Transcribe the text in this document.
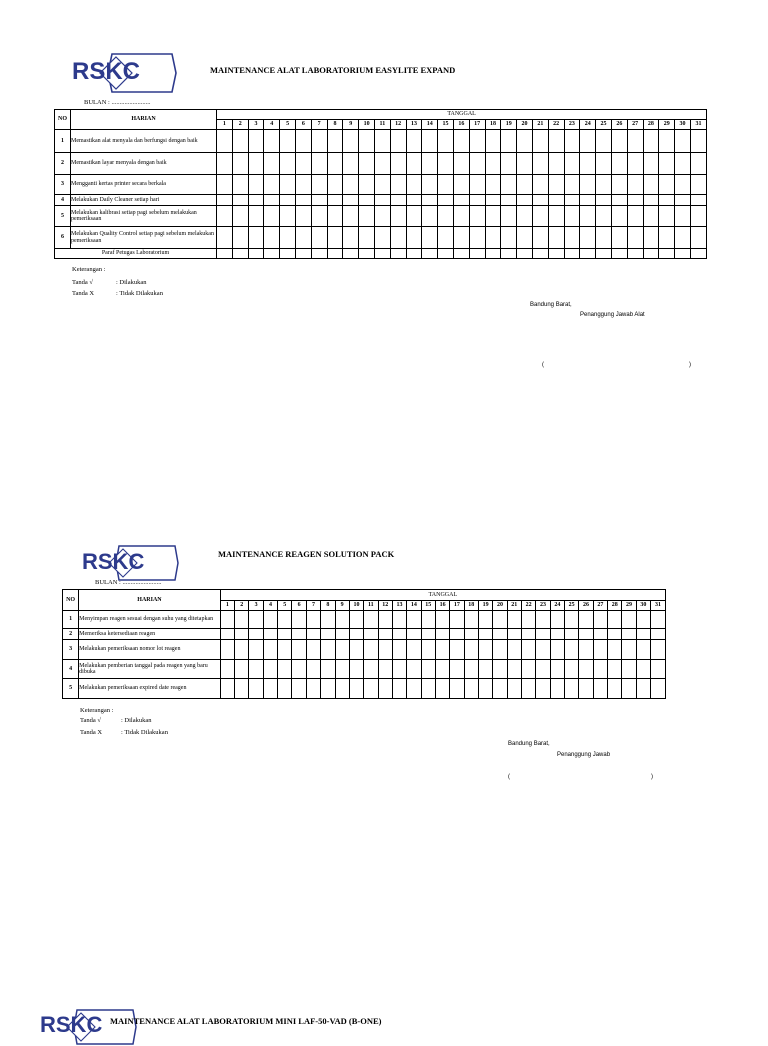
RSKC	MAINTENANCE ALAT LABORATORIUM EASYLITE EXPAND
BULAN : ........................
NO	HARIAN	TANGGAL																														
		1	2	3	4	5	6	7	8	9	10	11	12	13	14	15	16	17	18	19	20	21	22	23	24	25	26	27	28	29	30	31
1	Memastikan alat menyala dan berfungsi dengan baik																															
2	Memastikan layar menyala dengan baik																															
3	Mengganti kertas printer secara berkala																															
4	Melakukan Daily Cleaner setiap hari																															
5	Melakukan kalibrasi setiap pagi sebelum melakukan pemeriksaan																															
6	Melakukan Quality Control setiap pagi sebelum melakukan pemeriksaan																															
Paraf Petugas Laboratorium																																
Keterangan :
Tanda √	: Dilakukan
Tanda X	: Tidak Dilakukan
Bandung Barat,
Penanggung Jawab Alat
(	)
RSKC	MAINTENANCE REAGEN SOLUTION PACK
BULAN : ........................
NO	HARIAN	TANGGAL																														
		1	2	3	4	5	6	7	8	9	10	11	12	13	14	15	16	17	18	19	20	21	22	23	24	25	26	27	28	29	30	31
1	Menyimpan reagen sesuai dengan suhu yang ditetapkan																															
2	Memeriksa ketersediaan reagen																															
3	Melakukan pemeriksaan nomor lot reagen																															
4	Melakukan pemberian tanggal pada reagen yang baru dibuka																															
5	Melakukan pemeriksaan expired date reagen																															
Keterangan :
Tanda √	: Dilakukan
Tanda X	: Tidak Dilakukan
Bandung Barat,
Penanggung Jawab
(	)
RSKC MAINTENANCE ALAT LABORATORIUM MINI LAF-50-VAD (B-ONE)
